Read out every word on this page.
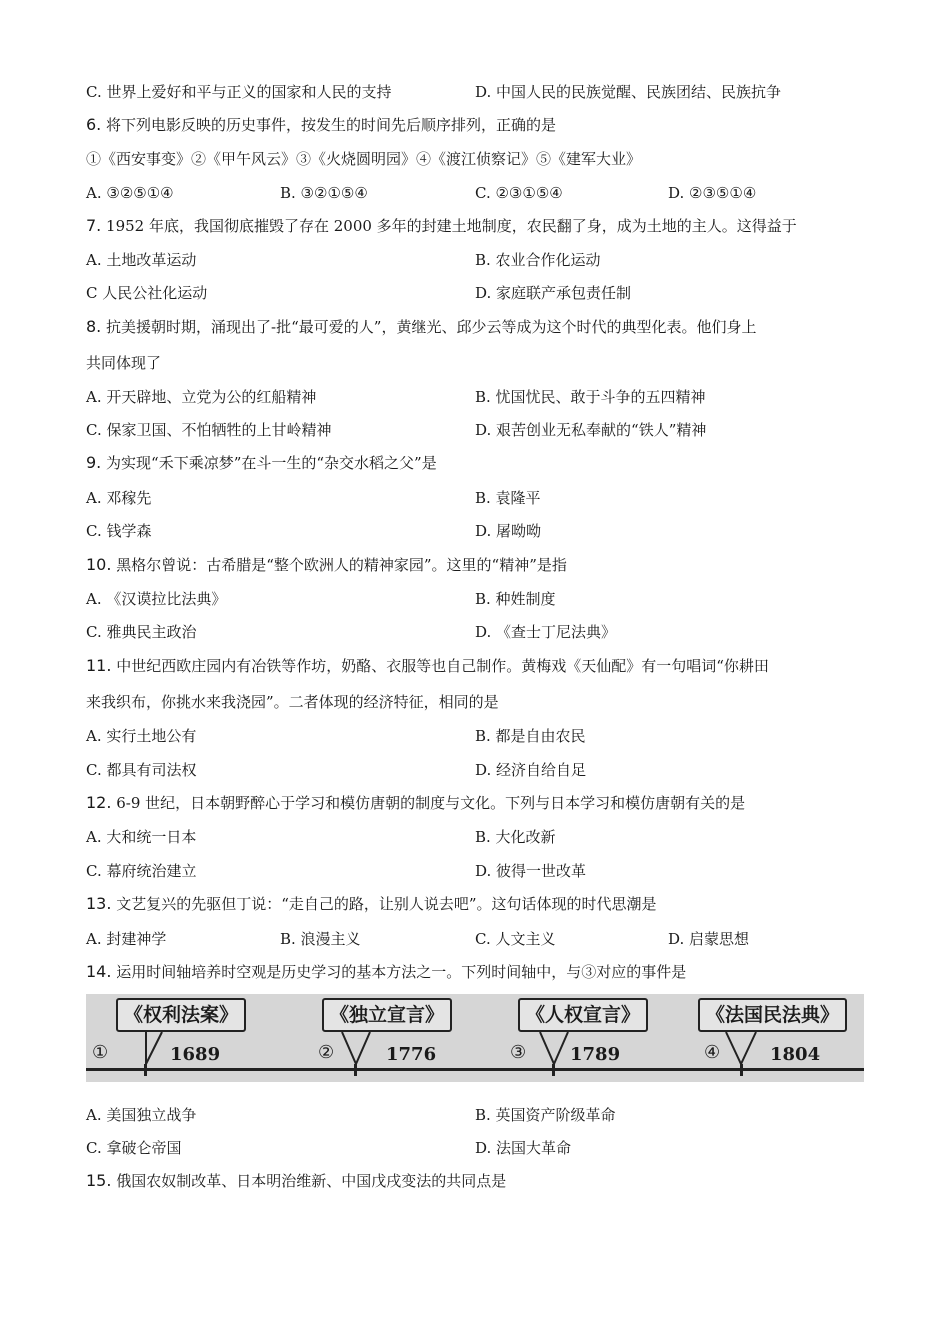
C. 世界上爱好和平与正义的国家和人民的支持	D. 中国人民的民族觉醒、民族团结、民族抗争
6. 将下列电影反映的历史事件，按发生的时间先后顺序排列，正确的是
①《西安事变》②《甲午风云》③《火烧圆明园》④《渡江侦察记》⑤《建军大业》
A. ③②⑤①④	B. ③②①⑤④	C. ②③①⑤④	D. ②③⑤①④
7. 1952 年底，我国彻底摧毁了存在 2000 多年的封建土地制度，农民翻了身，成为土地的主人。这得益于
A. 土地改革运动	B. 农业合作化运动
C 人民公社化运动	D. 家庭联产承包责任制
8. 抗美援朝时期，涌现出了-批“最可爱的人”，黄继光、邱少云等成为这个时代的典型化表。他们身上
共同体现了
A. 开天辟地、立党为公的红船精神	B. 忧国忧民、敢于斗争的五四精神
C. 保家卫国、不怕牺牲的上甘岭精神	D. 艰苦创业无私奉献的“铁人”精神
9. 为实现“禾下乘凉梦”在斗一生的“杂交水稻之父”是
A. 邓稼先	B. 袁隆平
C. 钱学森	D. 屠呦呦
10. 黑格尔曾说：古希腊是“整个欧洲人的精神家园”。这里的“精神”是指
A. 《汉谟拉比法典》	B. 种姓制度
C. 雅典民主政治	D. 《查士丁尼法典》
11. 中世纪西欧庄园内有冶铁等作坊，奶酪、衣服等也自己制作。黄梅戏《天仙配》有一句唱词“你耕田
来我织布，你挑水来我浇园”。二者体现的经济特征，相同的是
A. 实行土地公有	B. 都是自由农民
C. 都具有司法权	D. 经济自给自足
12. 6-9 世纪，日本朝野醉心于学习和模仿唐朝的制度与文化。下列与日本学习和模仿唐朝有关的是
A. 大和统一日本	B. 大化改新
C. 幕府统治建立	D. 彼得一世改革
13. 文艺复兴的先驱但丁说：“走自己的路，让别人说去吧”。这句话体现的时代思潮是
A. 封建神学	B. 浪漫主义	C. 人文主义	D. 启蒙思想
14. 运用时间轴培养时空观是历史学习的基本方法之一。下列时间轴中，与③对应的事件是
《权利法案》	《独立宣言》	《人权宣言》	《法国民法典》
①	②	③	④
1689	1776	1789	1804
A. 美国独立战争	B. 英国资产阶级革命
C. 拿破仑帝国	D. 法国大革命
15. 俄国农奴制改革、日本明治维新、中国戊戌变法的共同点是
